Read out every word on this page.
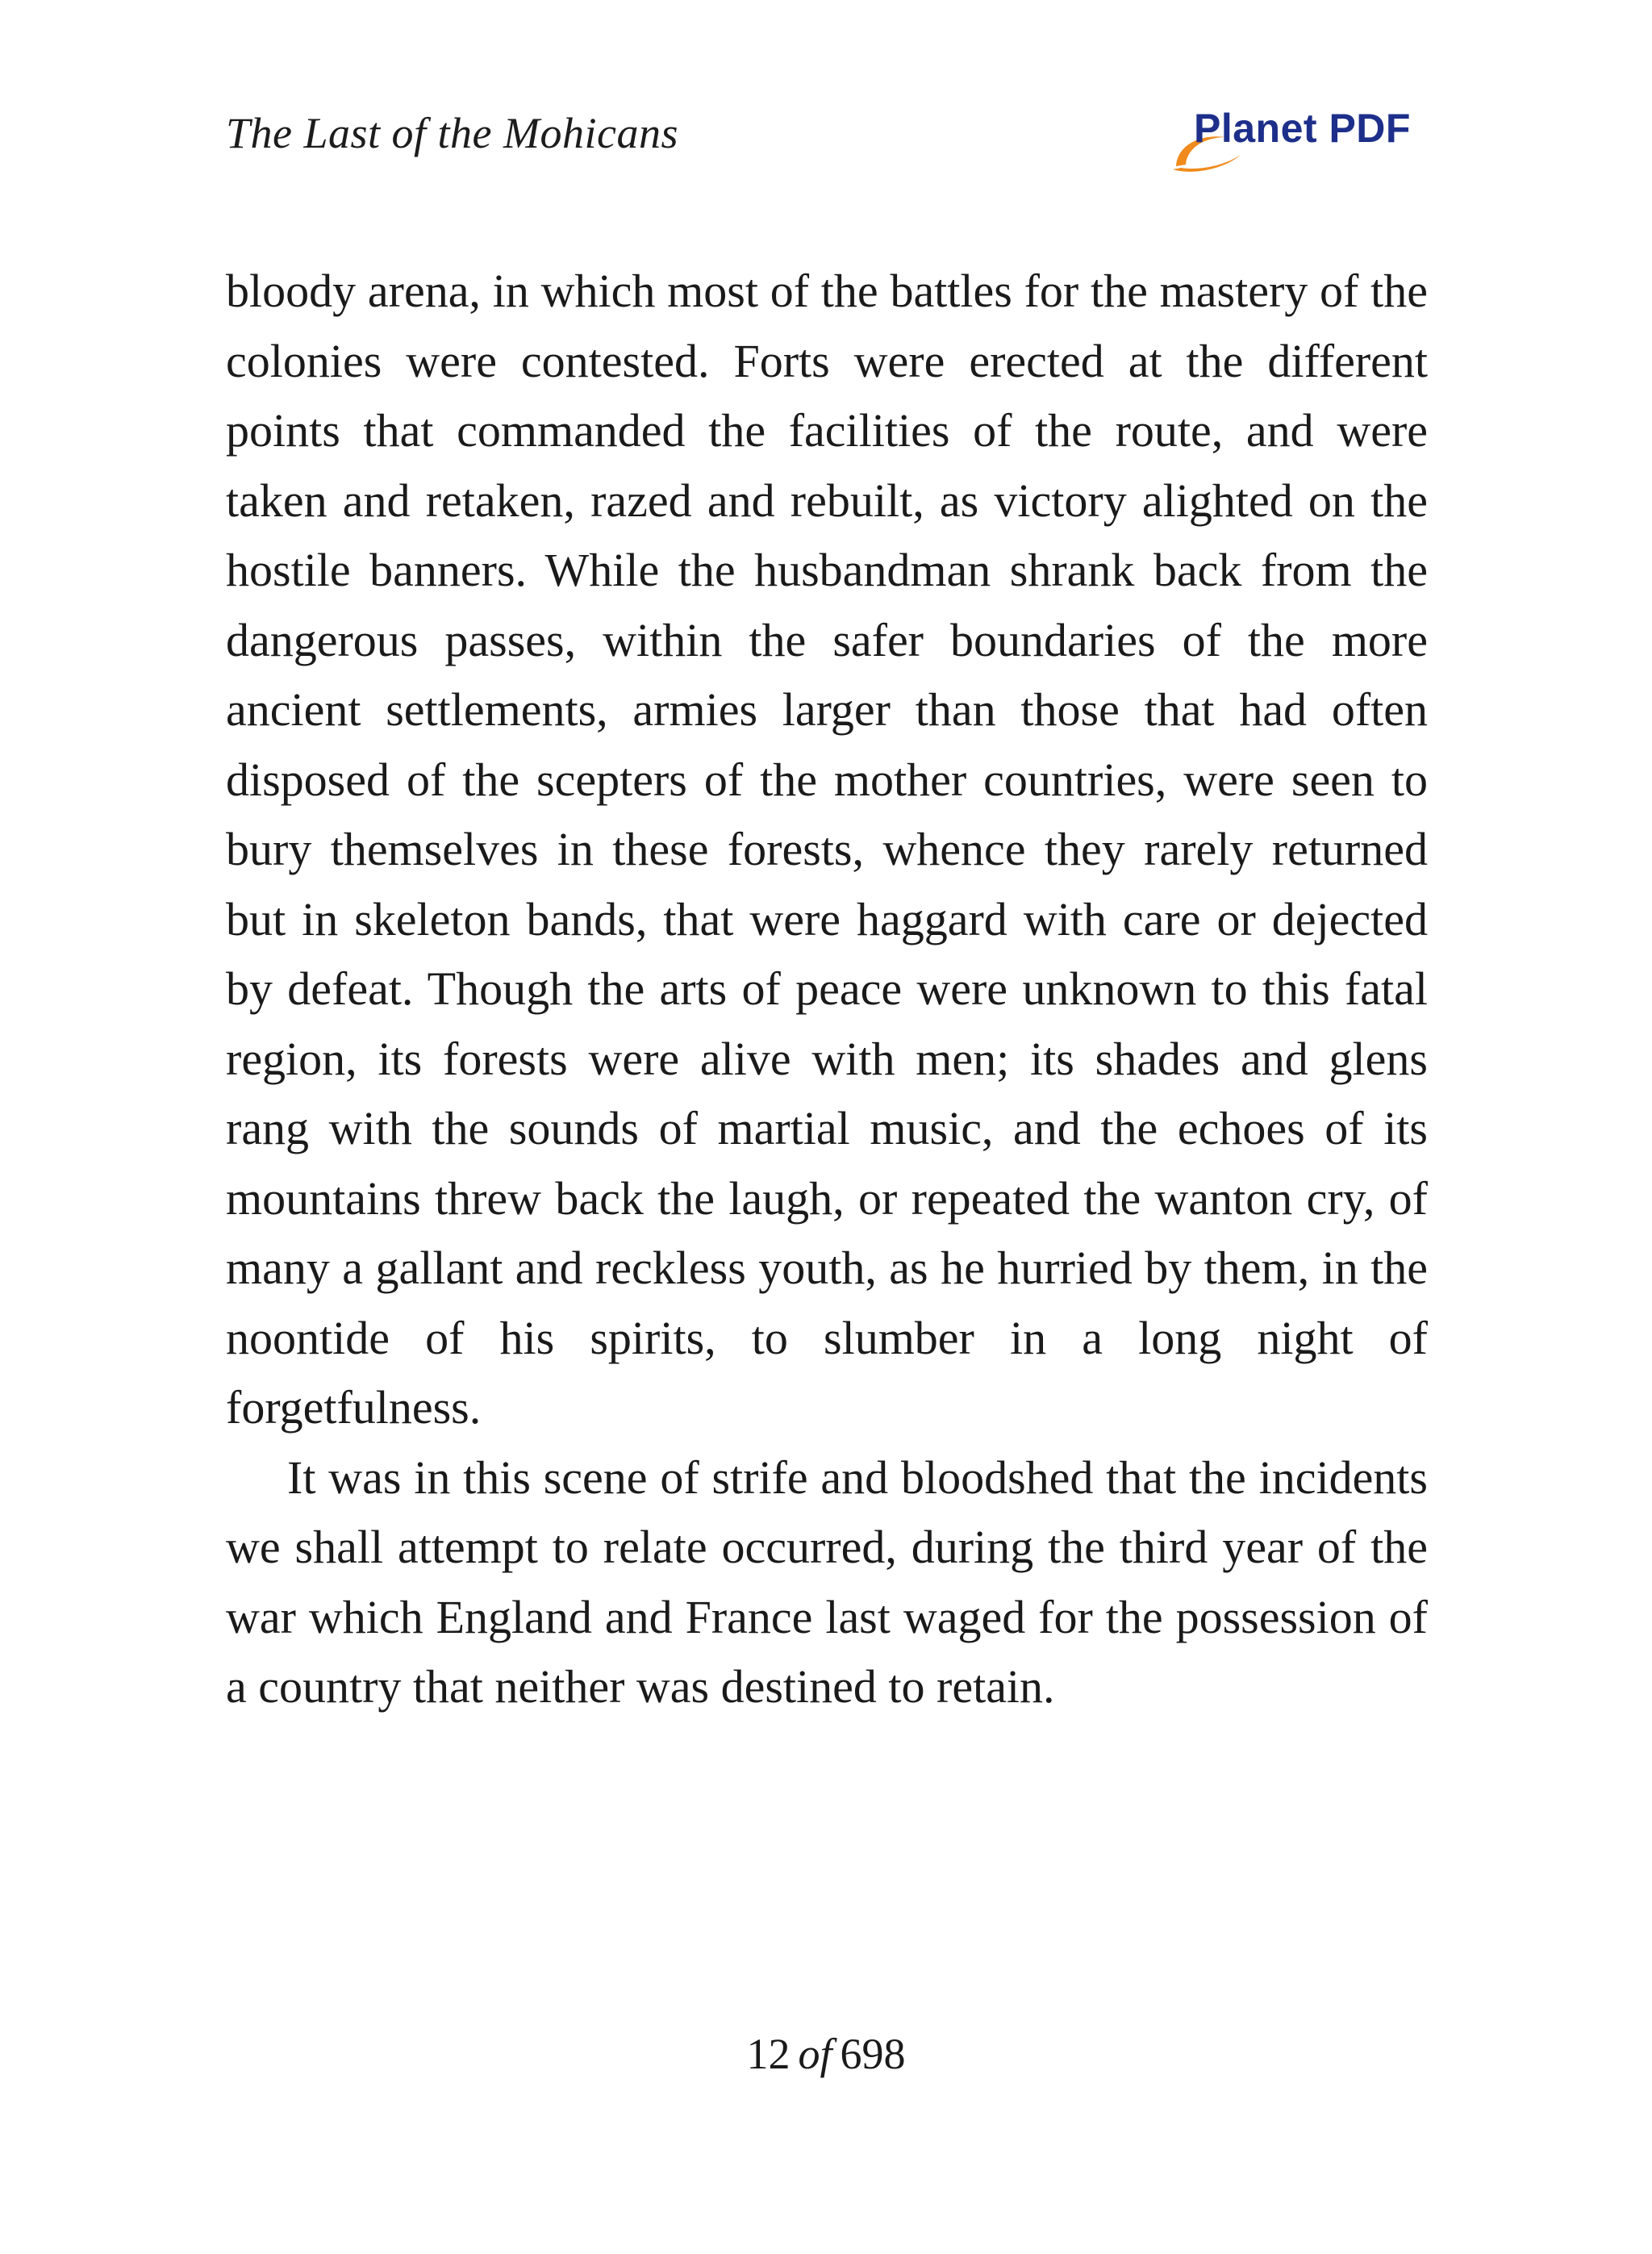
The Last of the Mohicans	Planet PDF

bloody arena, in which most of the battles for the mastery of the colonies were contested. Forts were erected at the different points that commanded the facilities of the route, and were taken and retaken, razed and rebuilt, as victory alighted on the hostile banners. While the husbandman shrank back from the dangerous passes, within the safer boundaries of the more ancient settlements, armies larger than those that had often disposed of the scepters of the mother countries, were seen to bury themselves in these forests, whence they rarely returned but in skeleton bands, that were haggard with care or dejected by defeat. Though the arts of peace were unknown to this fatal region, its forests were alive with men; its shades and glens rang with the sounds of martial music, and the echoes of its mountains threw back the laugh, or repeated the wanton cry, of many a gallant and reckless youth, as he hurried by them, in the noontide of his spirits, to slumber in a long night of forgetfulness.

It was in this scene of strife and bloodshed that the incidents we shall attempt to relate occurred, during the third year of the war which England and France last waged for the possession of a country that neither was destined to retain.

12 of 698
